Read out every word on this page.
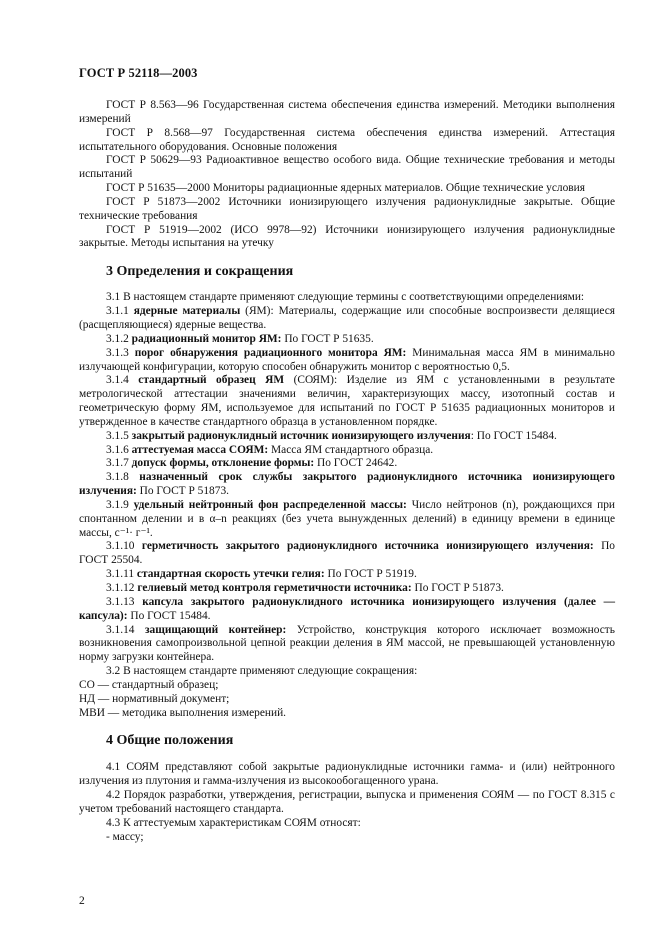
ГОСТ Р 52118—2003

ГОСТ Р 8.563—96 Государственная система обеспечения единства измерений. Методики выполнения измерений

ГОСТ Р 8.568—97 Государственная система обеспечения единства измерений. Аттестация испытательного оборудования. Основные положения

ГОСТ Р 50629—93 Радиоактивное вещество особого вида. Общие технические требования и методы испытаний

ГОСТ Р 51635—2000 Мониторы радиационные ядерных материалов. Общие технические условия

ГОСТ Р 51873—2002 Источники ионизирующего излучения радионуклидные закрытые. Общие технические требования

ГОСТ Р 51919—2002 (ИСО 9978—92) Источники ионизирующего излучения радионуклидные закрытые. Методы испытания на утечку

3 Определения и сокращения

3.1 В настоящем стандарте применяют следующие термины с соответствующими определениями:

3.1.1 ядерные материалы (ЯМ): Материалы, содержащие или способные воспроизвести делящиеся (расщепляющиеся) ядерные вещества.

3.1.2 радиационный монитор ЯМ: По ГОСТ Р 51635.

3.1.3 порог обнаружения радиационного монитора ЯМ: Минимальная масса ЯМ в минимально излучающей конфигурации, которую способен обнаружить монитор с вероятностью 0,5.

3.1.4 стандартный образец ЯМ (СОЯМ): Изделие из ЯМ с установленными в результате метрологической аттестации значениями величин, характеризующих массу, изотопный состав и геометрическую форму ЯМ, используемое для испытаний по ГОСТ Р 51635 радиационных мониторов и утвержденное в качестве стандартного образца в установленном порядке.

3.1.5 закрытый радионуклидный источник ионизирующего излучения: По ГОСТ 15484.

3.1.6 аттестуемая масса СОЯМ: Масса ЯМ стандартного образца.

3.1.7 допуск формы, отклонение формы: По ГОСТ 24642.

3.1.8 назначенный срок службы закрытого радионуклидного источника ионизирующего излучения: По ГОСТ Р 51873.

3.1.9 удельный нейтронный фон распределенной массы: Число нейтронов (n), рождающихся при спонтанном делении и в α–n реакциях (без учета вынужденных делений) в единицу времени в единице массы, c⁻¹· г⁻¹.

3.1.10 герметичность закрытого радионуклидного источника ионизирующего излучения: По ГОСТ 25504.

3.1.11 стандартная скорость утечки гелия: По ГОСТ Р 51919.

3.1.12 гелиевый метод контроля герметичности источника: По ГОСТ Р 51873.

3.1.13 капсула закрытого радионуклидного источника ионизирующего излучения (далее — капсула): По ГОСТ 15484.

3.1.14 защищающий контейнер: Устройство, конструкция которого исключает возможность возникновения самопроизвольной цепной реакции деления в ЯМ массой, не превышающей установленную норму загрузки контейнера.

3.2 В настоящем стандарте применяют следующие сокращения:

СО — стандартный образец;

НД — нормативный документ;

МВИ — методика выполнения измерений.

4 Общие положения

4.1 СОЯМ представляют собой закрытые радионуклидные источники гамма- и (или) нейтронного излучения из плутония и гамма-излучения из высокообогащенного урана.

4.2 Порядок разработки, утверждения, регистрации, выпуска и применения СОЯМ — по ГОСТ 8.315 с учетом требований настоящего стандарта.

4.3 К аттестуемым характеристикам СОЯМ относят:

- массу;

2
